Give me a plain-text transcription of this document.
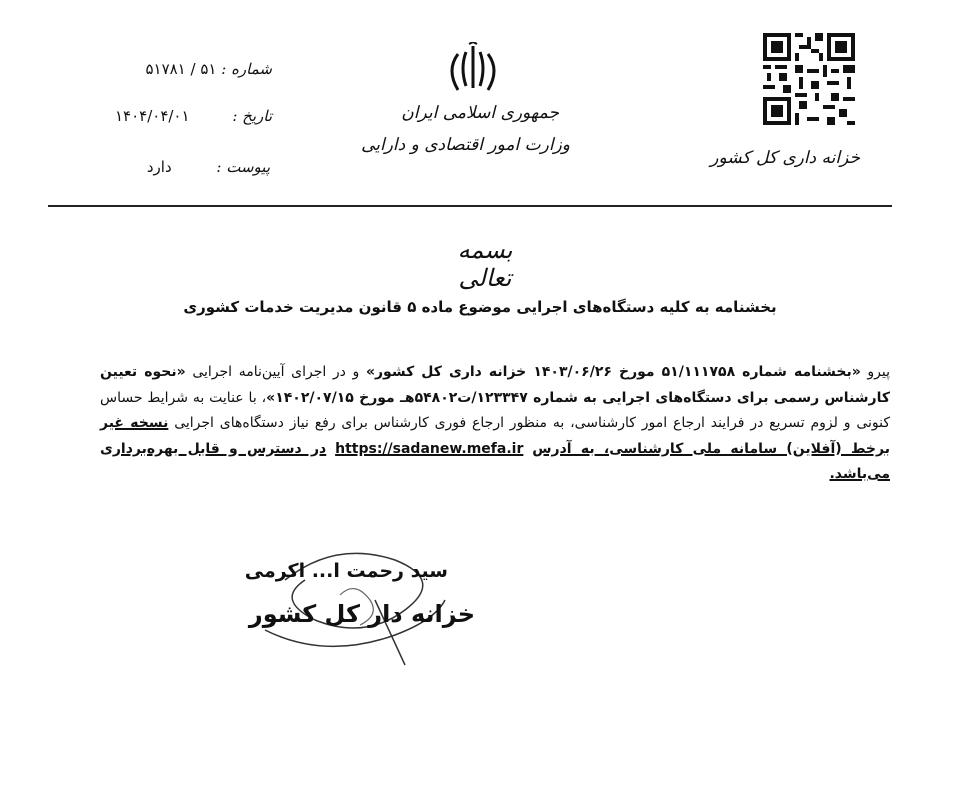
شماره : ۵۱ / ۵۱۷۸۱
تاریخ : ۱۴۰۴/۰۴/۰۱
پیوست : دارد
جمهوری اسلامی ایران
وزارت امور اقتصادی و دارایی
خزانه داری کل کشور
بسمه تعالی
بخشنامه به کلیه دستگاه‌های اجرایی موضوع ماده ۵ قانون مدیریت خدمات کشوری
پیرو «بخشنامه شماره ۵۱/۱۱۱۷۵۸ مورخ ۱۴۰۳/۰۶/۲۶ خزانه داری کل کشور» و در اجرای آیین‌نامه اجرایی «نحوه تعیین کارشناس رسمی برای دستگاه‌های اجرایی به شماره ۱۲۳۳۴۷/ت۵۴۸۰۲هـ مورخ ۱۴۰۲/۰۷/۱۵»، با عنایت به شرایط حساس کنونی و لزوم تسریع در فرایند ارجاع امور کارشناسی، به منظور ارجاع فوری کارشناس برای رفع نیاز دستگاه‌های اجرایی نسخه غیر برخط (آفلاین) سامانه ملی کارشناسی، به آدرس https://sadanew.mefa.ir در دسترس و قابل بهره‌برداری می‌باشد.
سید رحمت ا... اکرمی
خزانه دار کل کشور
